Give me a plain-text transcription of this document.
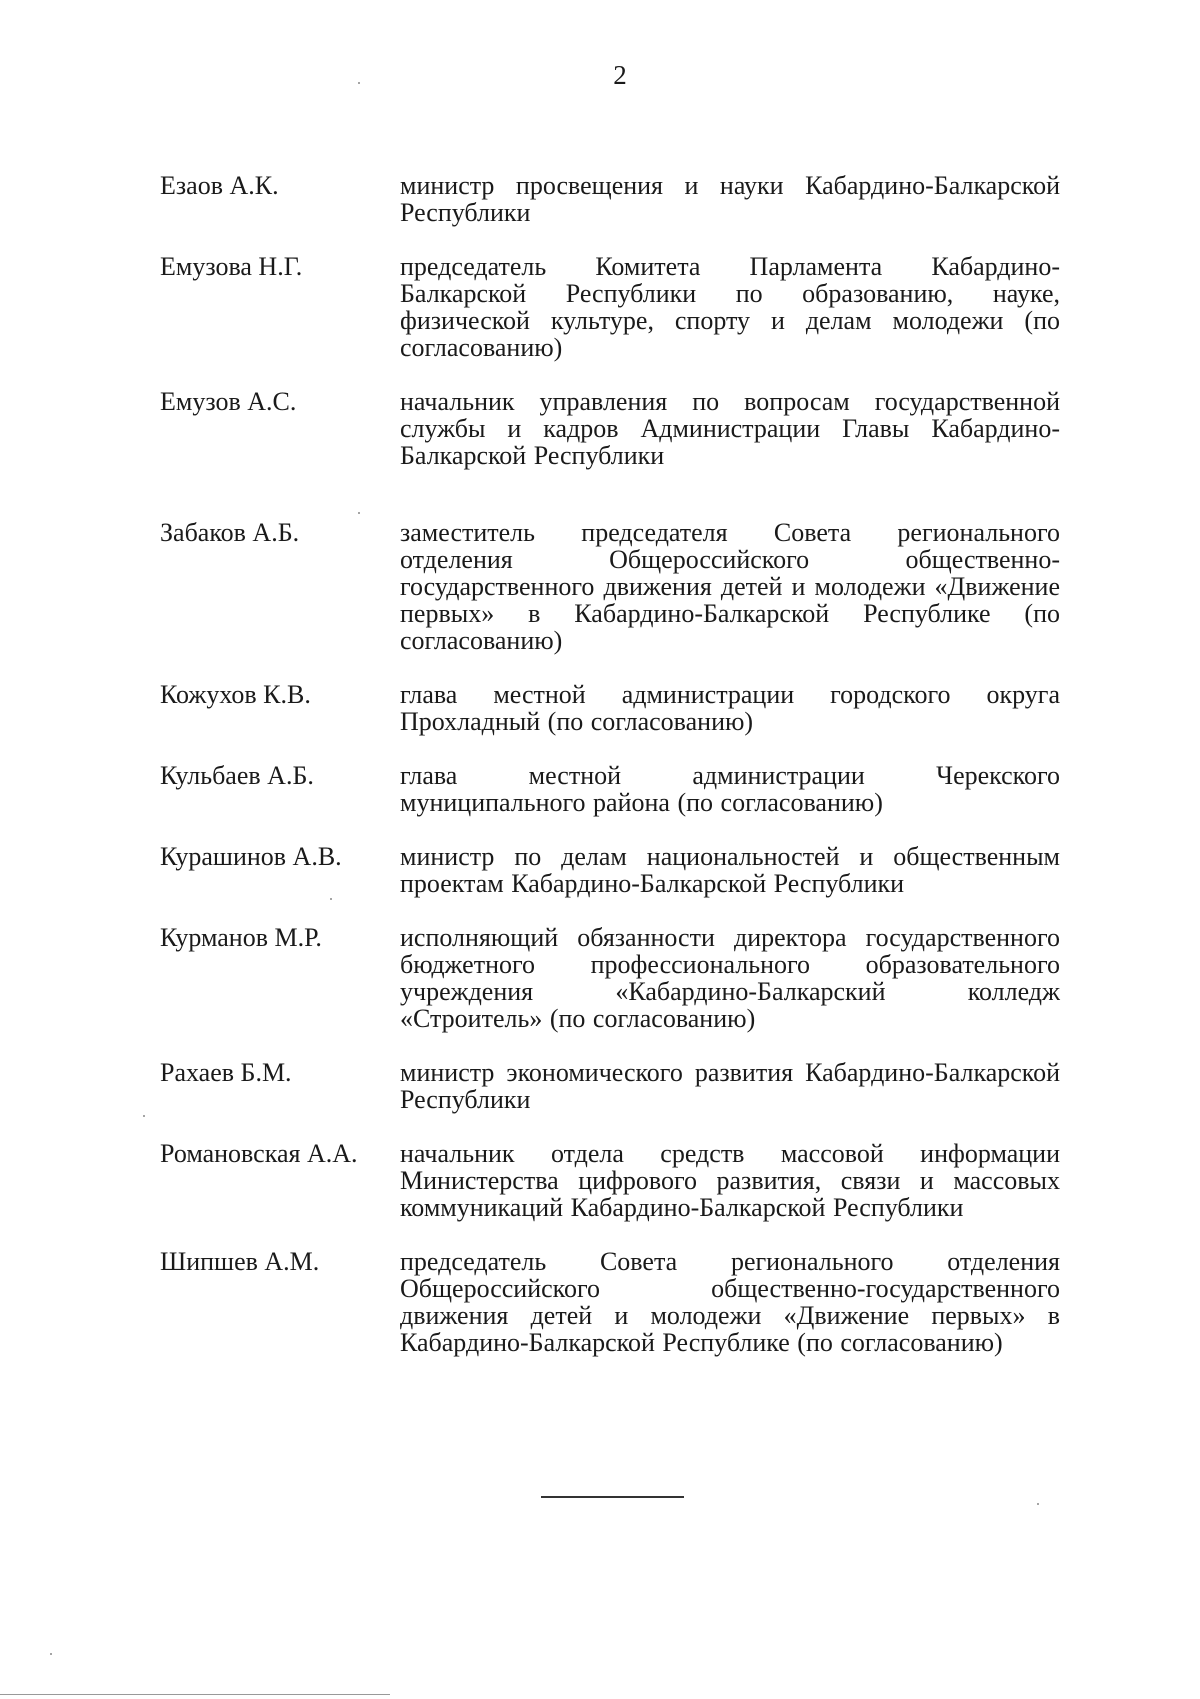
2
Езаов А.К.	министр просвещения и науки Кабардино-Балкарской Республики
Емузова Н.Г.	председатель Комитета Парламента Кабардино-Балкарской Республики по образованию, науке, физической культуре, спорту и делам молодежи (по согласованию)
Емузов А.С.	начальник управления по вопросам государственной службы и кадров Администрации Главы Кабардино-Балкарской Республики
Забаков А.Б.	заместитель председателя Совета регионального отделения Общероссийского общественно-государственного движения детей и молодежи «Движение первых» в Кабардино-Балкарской Республике (по согласованию)
Кожухов К.В.	глава местной администрации городского округа Прохладный (по согласованию)
Кульбаев А.Б.	глава местной администрации Черекского муниципального района (по согласованию)
Курашинов А.В.	министр по делам национальностей и общественным проектам Кабардино-Балкарской Республики
Курманов М.Р.	исполняющий обязанности директора государственного бюджетного профессионального образовательного учреждения «Кабардино-Балкарский колледж «Строитель» (по согласованию)
Рахаев Б.М.	министр экономического развития Кабардино-Балкарской Республики
Романовская А.А.	начальник отдела средств массовой информации Министерства цифрового развития, связи и массовых коммуникаций Кабардино-Балкарской Республики
Шипшев А.М.	председатель Совета регионального отделения Общероссийского общественно-государственного движения детей и молодежи «Движение первых» в Кабардино-Балкарской Республике (по согласованию)
